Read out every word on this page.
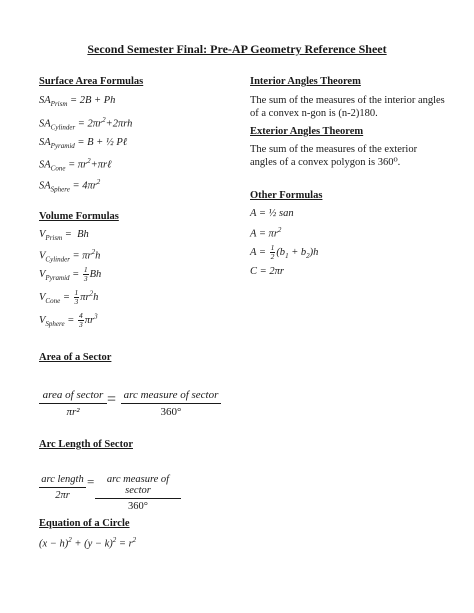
Second Semester Final: Pre-AP Geometry Reference Sheet
Surface Area Formulas
$SA_{Prism} = 2B + Ph$
$SA_{Cylinder} = 2\pi r^2+2\pi rh$
$SA_{Pyramid} = B$ + ½ Pℓ
$SA_{Cone}$ = $\pi r^2+\pi r\ell$
$SA_{Sphere} = 4\pi r^2$
Volume Formulas
$V_{Prism} = Bh$
$V_{Cylinder} = \pi r^2h$
$V_{Pyramid} = \frac{1}{3}$ Bh
$V_{Cone} = \frac{1}{3} \pi r^2h$
$V_{Sphere} = \frac{4}{3} \pi r^3$
Area of a Sector
area of sector
πr²
= arc measure of sector
360°
Arc Length of Sector
arc length
2πr
=	arc measure of sector
360°
Equation of a Circle
$(x - h)^2 + (y - k)^2 = r^2$
Interior Angles Theorem
The sum of the measures of the interior angles of a convex n-gon is (n-2)180.
Exterior Angles Theorem
The sum of the measures of the exterior angles of a convex polygon is 360⁰.
Other Formulas
A = ½ san
$A = \pi r^2$
$A = \frac{1}{2} (b_1 + b_2)h$
C = 2πr
